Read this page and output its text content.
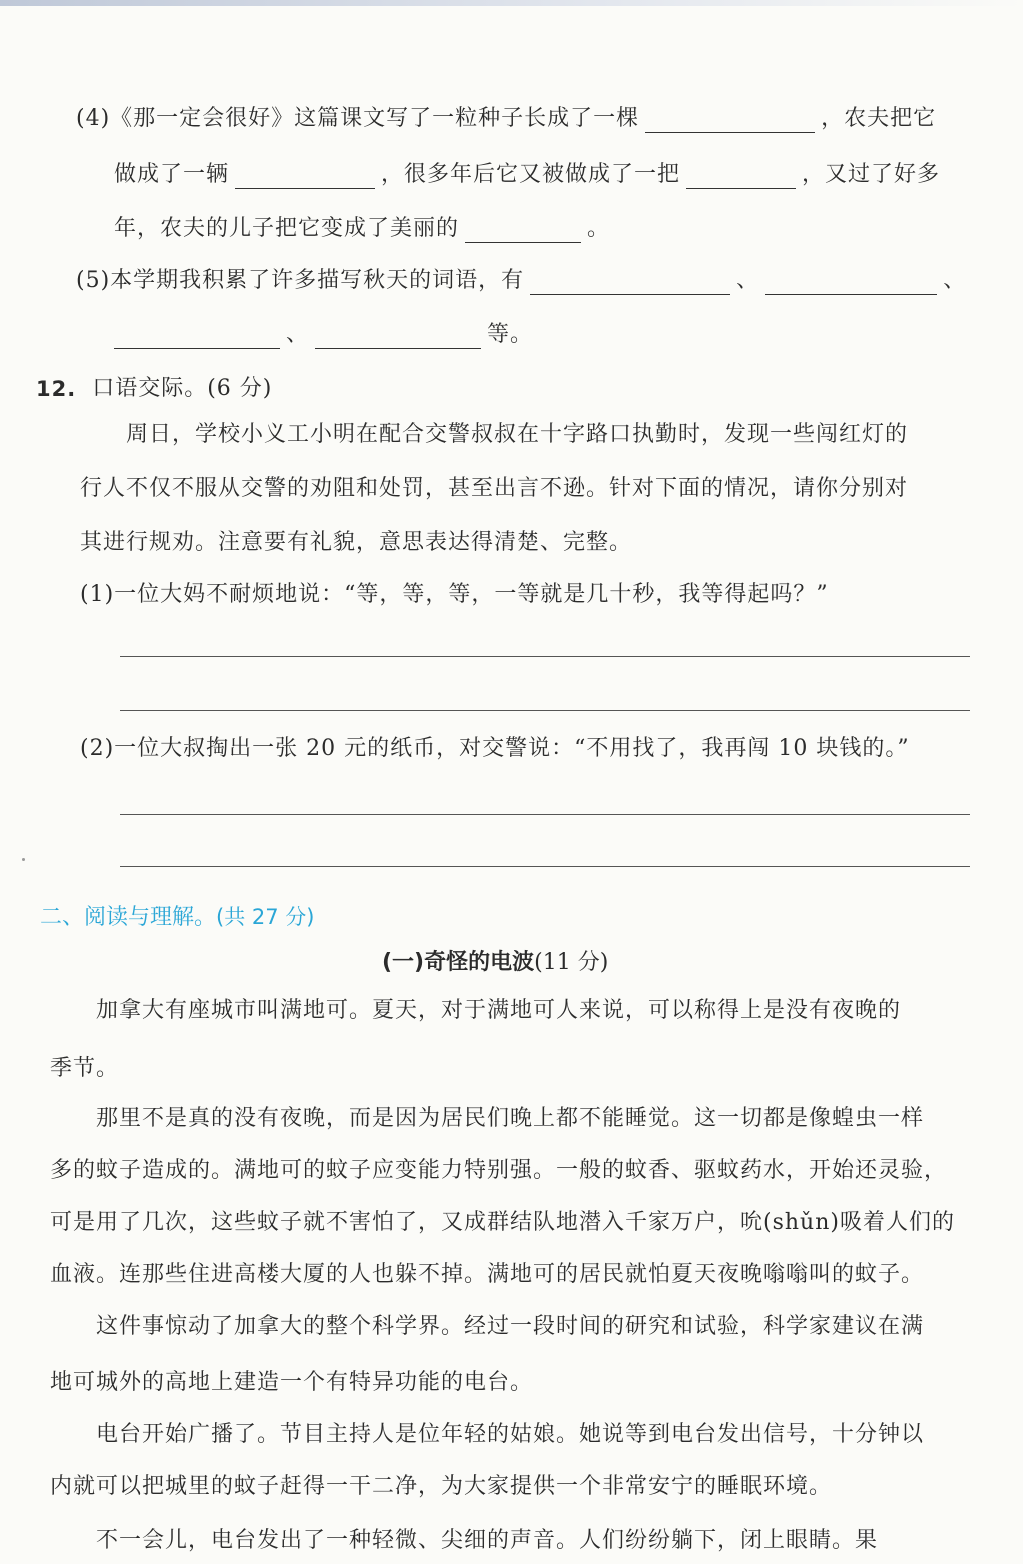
(4)《那一定会很好》这篇课文写了一粒种子长成了一棵	，农夫把它
做成了一辆	，很多年后它又被做成了一把	，又过了好多
年，农夫的儿子把它变成了美丽的	。
(5)本学期我积累了许多描写秋天的词语，有	、	、
、	等。
12. 口语交际。(6 分)
周日，学校小义工小明在配合交警叔叔在十字路口执勤时，发现一些闯红灯的
行人不仅不服从交警的劝阻和处罚，甚至出言不逊。针对下面的情况，请你分别对
其进行规劝。注意要有礼貌，意思表达得清楚、完整。
(1)一位大妈不耐烦地说：“等，等，等，一等就是几十秒，我等得起吗？”
(2)一位大叔掏出一张 20 元的纸币，对交警说：“不用找了，我再闯 10 块钱的。”
二、阅读与理解。(共 27 分)
(一)奇怪的电波(11 分)
加拿大有座城市叫满地可。夏天，对于满地可人来说，可以称得上是没有夜晚的
季节。
那里不是真的没有夜晚，而是因为居民们晚上都不能睡觉。这一切都是像蝗虫一样
多的蚊子造成的。满地可的蚊子应变能力特别强。一般的蚊香、驱蚊药水，开始还灵验，
可是用了几次，这些蚊子就不害怕了，又成群结队地潜入千家万户，吮(shǔn)吸着人们的
血液。连那些住进高楼大厦的人也躲不掉。满地可的居民就怕夏天夜晚嗡嗡叫的蚊子。
这件事惊动了加拿大的整个科学界。经过一段时间的研究和试验，科学家建议在满
地可城外的高地上建造一个有特异功能的电台。
电台开始广播了。节目主持人是位年轻的姑娘。她说等到电台发出信号，十分钟以
内就可以把城里的蚊子赶得一干二净，为大家提供一个非常安宁的睡眠环境。
不一会儿，电台发出了一种轻微、尖细的声音。人们纷纷躺下，闭上眼睛。果
